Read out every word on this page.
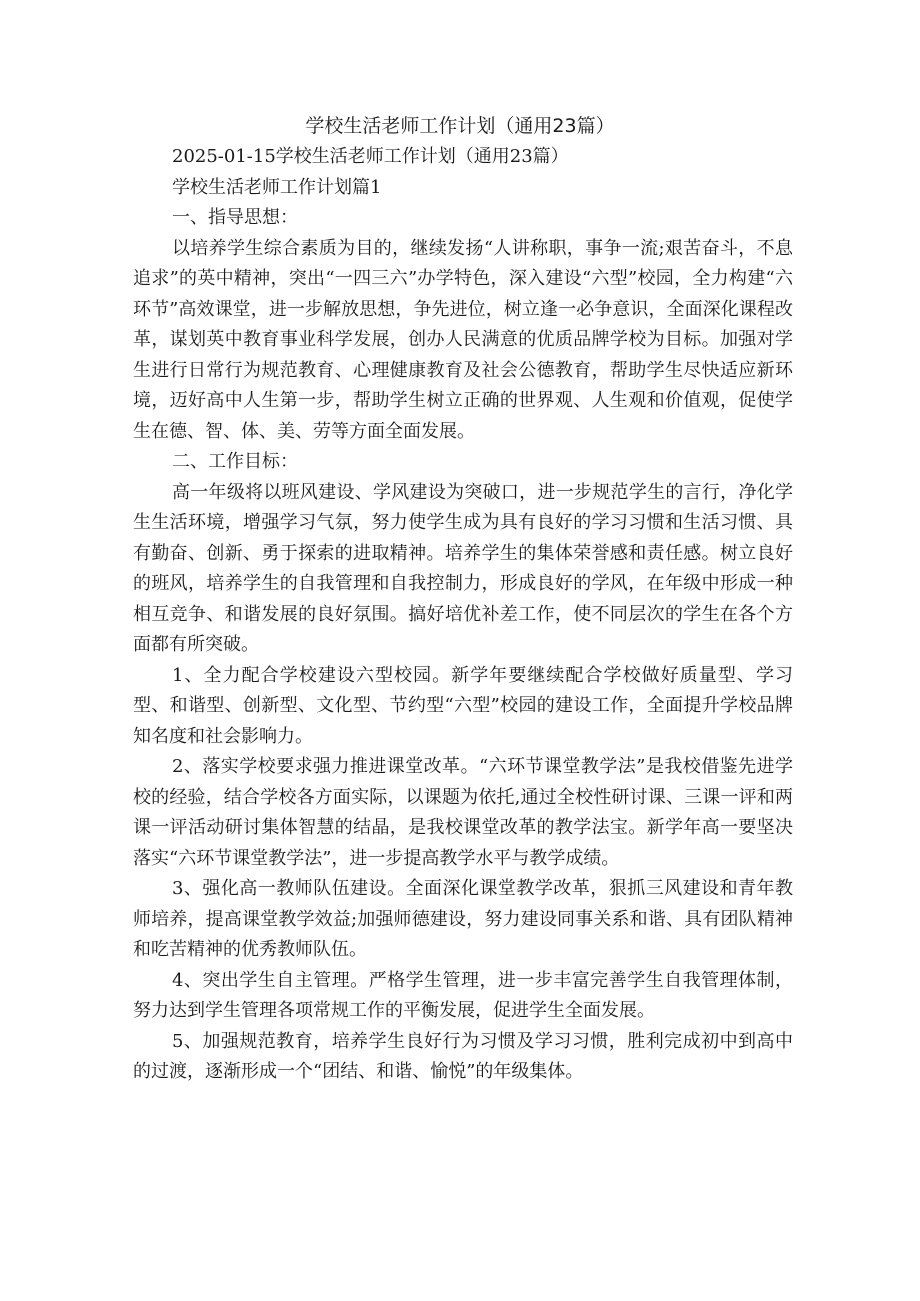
学校生活老师工作计划（通用23篇）

2025-01-15学校生活老师工作计划（通用23篇）

学校生活老师工作计划篇1

一、指导思想：

以培养学生综合素质为目的，继续发扬“人讲称职，事争一流;艰苦奋斗，不息追求”的英中精神，突出“一四三六”办学特色，深入建设“六型”校园，全力构建“六环节”高效课堂，进一步解放思想，争先进位，树立逢一必争意识，全面深化课程改革，谋划英中教育事业科学发展，创办人民满意的优质品牌学校为目标。加强对学生进行日常行为规范教育、心理健康教育及社会公德教育，帮助学生尽快适应新环境，迈好高中人生第一步，帮助学生树立正确的世界观、人生观和价值观，促使学生在德、智、体、美、劳等方面全面发展。

二、工作目标：

高一年级将以班风建设、学风建设为突破口，进一步规范学生的言行，净化学生生活环境，增强学习气氛，努力使学生成为具有良好的学习习惯和生活习惯、具有勤奋、创新、勇于探索的进取精神。培养学生的集体荣誉感和责任感。树立良好的班风，培养学生的自我管理和自我控制力，形成良好的学风，在年级中形成一种相互竞争、和谐发展的良好氛围。搞好培优补差工作，使不同层次的学生在各个方面都有所突破。

1、全力配合学校建设六型校园。新学年要继续配合学校做好质量型、学习型、和谐型、创新型、文化型、节约型“六型”校园的建设工作，全面提升学校品牌知名度和社会影响力。

2、落实学校要求强力推进课堂改革。“六环节课堂教学法”是我校借鉴先进学校的经验，结合学校各方面实际，以课题为依托,通过全校性研讨课、三课一评和两课一评活动研讨集体智慧的结晶，是我校课堂改革的教学法宝。新学年高一要坚决落实“六环节课堂教学法”，进一步提高教学水平与教学成绩。

3、强化高一教师队伍建设。全面深化课堂教学改革，狠抓三风建设和青年教师培养，提高课堂教学效益;加强师德建设，努力建设同事关系和谐、具有团队精神和吃苦精神的优秀教师队伍。

4、突出学生自主管理。严格学生管理，进一步丰富完善学生自我管理体制，努力达到学生管理各项常规工作的平衡发展，促进学生全面发展。

5、加强规范教育，培养学生良好行为习惯及学习习惯，胜利完成初中到高中的过渡，逐渐形成一个“团结、和谐、愉悦”的年级集体。
